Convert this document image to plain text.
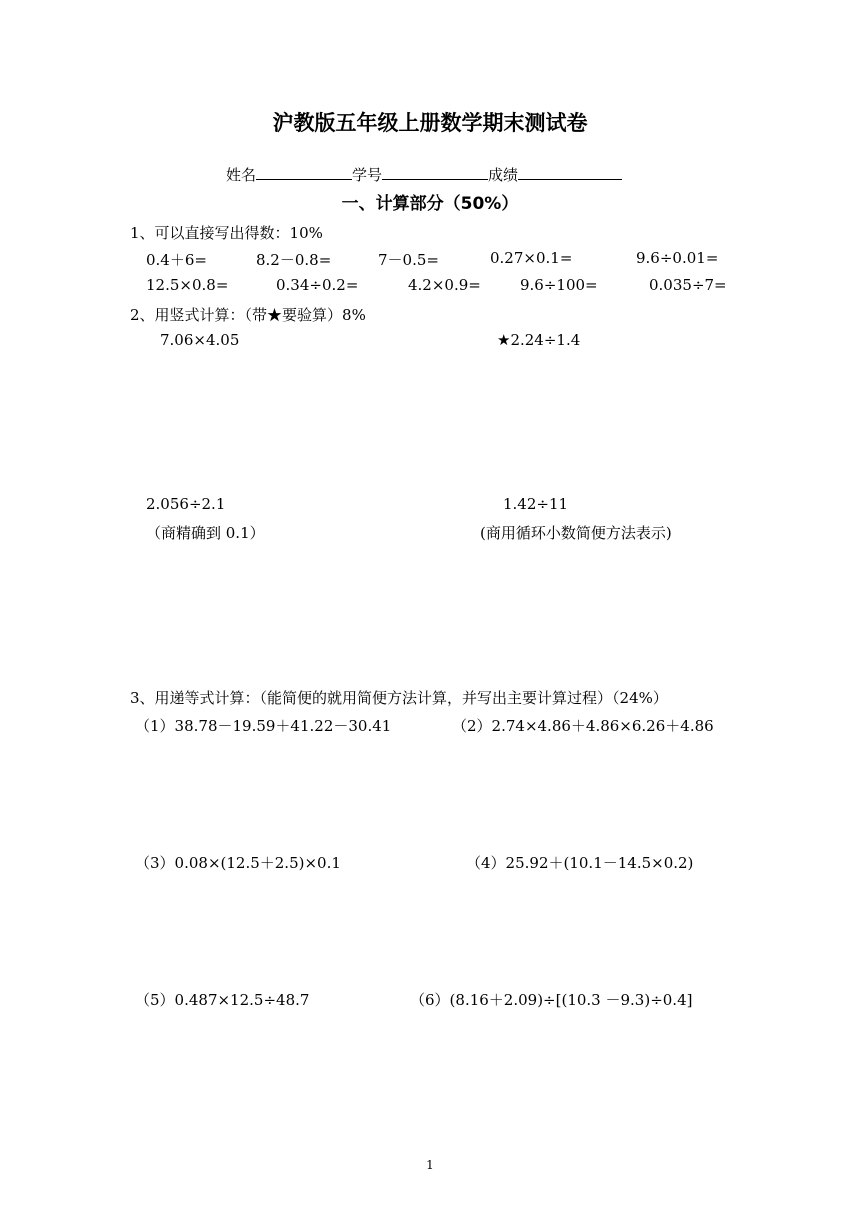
沪教版五年级上册数学期末测试卷
姓名	学号	成绩
一、计算部分（50%）
1、可以直接写出得数：10%
0.4＋6=	8.2－0.8=	7－0.5=	0.27×0.1=	9.6÷0.01=
12.5×0.8=	0.34÷0.2=	4.2×0.9=	9.6÷100=	0.035÷7=
2、用竖式计算：（带★要验算）8%
7.06×4.05	★2.24÷1.4
2.056÷2.1	1.42÷11
（商精确到 0.1）	(商用循环小数简便方法表示)
3、用递等式计算：（能简便的就用简便方法计算，并写出主要计算过程）（24%）
（1）38.78－19.59＋41.22－30.41	（2）2.74×4.86＋4.86×6.26＋4.86
（3）0.08×(12.5＋2.5)×0.1	（4）25.92＋(10.1－14.5×0.2)
（5）0.487×12.5÷48.7	（6）(8.16＋2.09)÷[(10.3 －9.3)÷0.4]
1
